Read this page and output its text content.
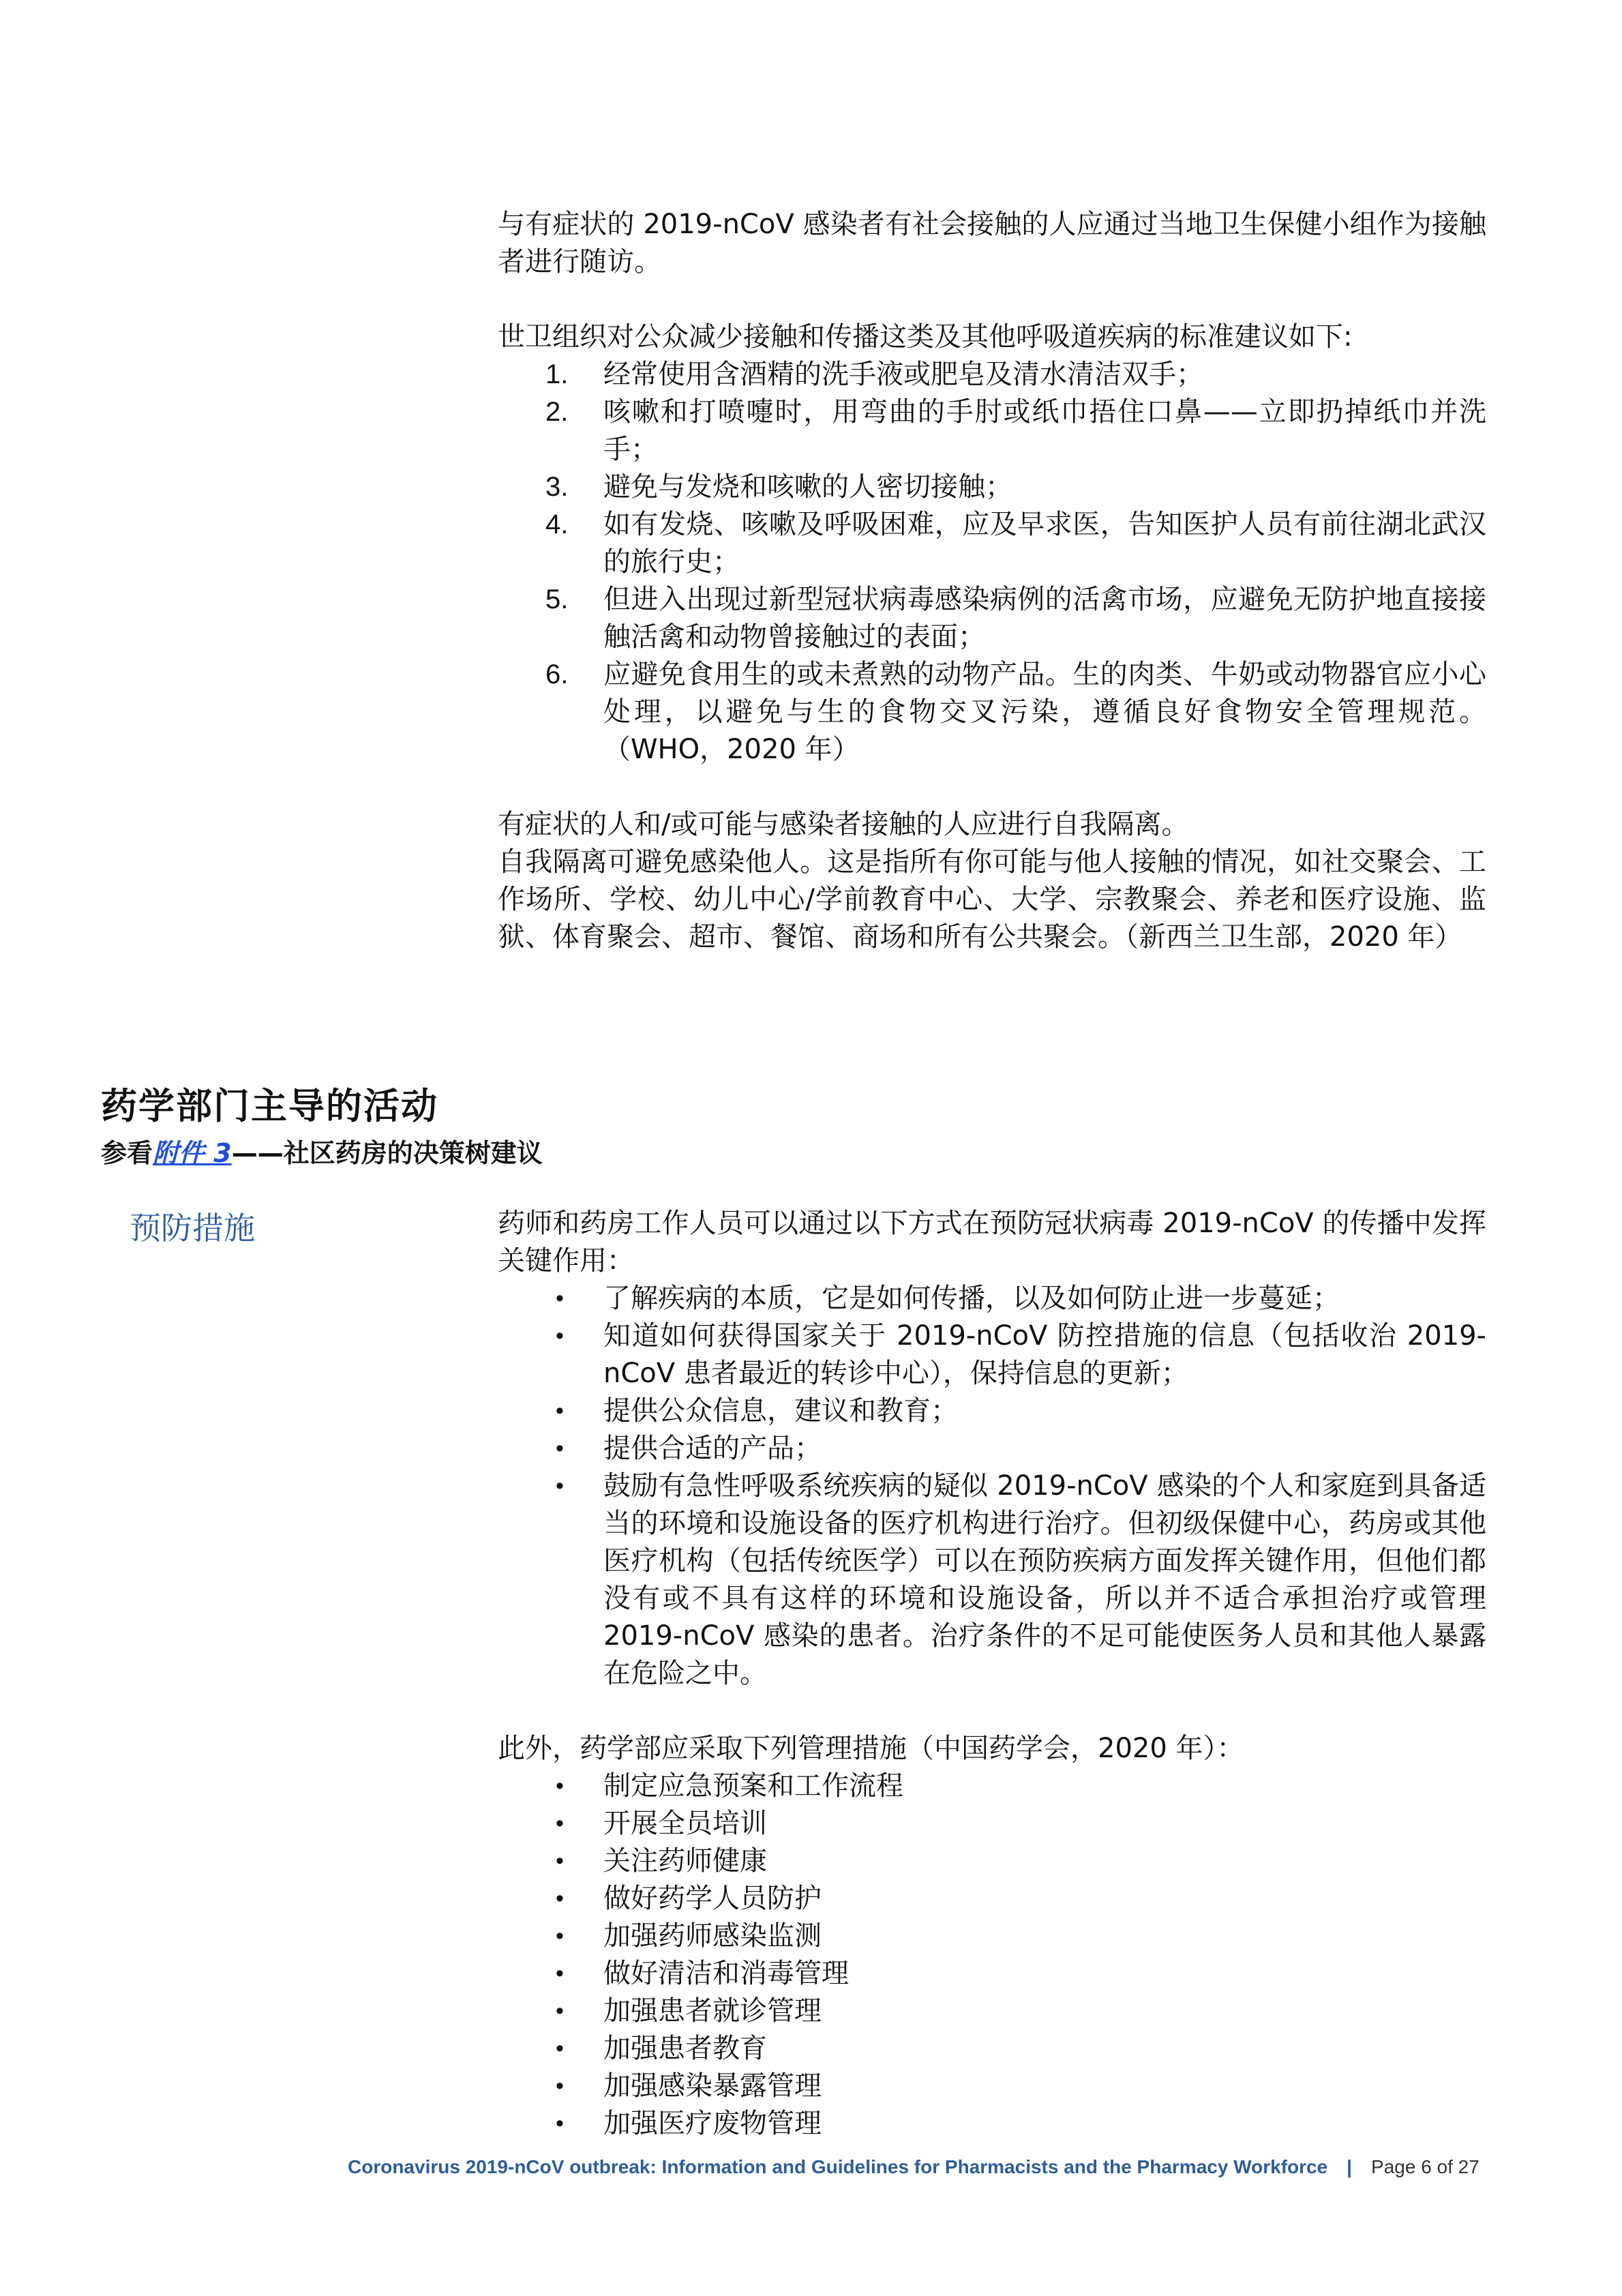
与有症状的 2019-nCoV 感染者有社会接触的人应通过当地卫生保健小组作为接触者进行随访。

世卫组织对公众减少接触和传播这类及其他呼吸道疾病的标准建议如下:

1. 经常使用含酒精的洗手液或肥皂及清水清洁双手；
2. 咳嗽和打喷嚏时，用弯曲的手肘或纸巾捂住口鼻——立即扔掉纸巾并洗手；
3. 避免与发烧和咳嗽的人密切接触；
4. 如有发烧、咳嗽及呼吸困难，应及早求医，告知医护人员有前往湖北武汉的旅行史；
5. 但进入出现过新型冠状病毒感染病例的活禽市场，应避免无防护地直接接触活禽和动物曾接触过的表面；
6. 应避免食用生的或未煮熟的动物产品。生的肉类、牛奶或动物器官应小心处理，以避免与生的食物交叉污染，遵循良好食物安全管理规范。（WHO，2020 年）

有症状的人和/或可能与感染者接触的人应进行自我隔离。

自我隔离可避免感染他人。这是指所有你可能与他人接触的情况，如社交聚会、工作场所、学校、幼儿中心/学前教育中心、大学、宗教聚会、养老和医疗设施、监狱、体育聚会、超市、餐馆、商场和所有公共聚会。（新西兰卫生部，2020 年）

药学部门主导的活动
参看附件 3——社区药房的决策树建议
预防措施	药师和药房工作人员可以通过以下方式在预防冠状病毒 2019-nCoV 的传播中发挥关键作用：

• 了解疾病的本质，它是如何传播，以及如何防止进一步蔓延；
• 知道如何获得国家关于 2019-nCoV 防控措施的信息（包括收治 2019-nCoV 患者最近的转诊中心），保持信息的更新；
• 提供公众信息，建议和教育；
• 提供合适的产品；
• 鼓励有急性呼吸系统疾病的疑似 2019-nCoV 感染的个人和家庭到具备适当的环境和设施设备的医疗机构进行治疗。但初级保健中心，药房或其他医疗机构（包括传统医学）可以在预防疾病方面发挥关键作用，但他们都没有或不具有这样的环境和设施设备，所以并不适合承担治疗或管理 2019-nCoV 感染的患者。治疗条件的不足可能使医务人员和其他人暴露在危险之中。

此外，药学部应采取下列管理措施（中国药学会，2020 年）：

• 制定应急预案和工作流程
• 开展全员培训
• 关注药师健康
• 做好药学人员防护
• 加强药师感染监测
• 做好清洁和消毒管理
• 加强患者就诊管理
• 加强患者教育
• 加强感染暴露管理
• 加强医疗废物管理
Coronavirus 2019-nCoV outbreak: Information and Guidelines for Pharmacists and the Pharmacy Workforce | Page 6 of 27
